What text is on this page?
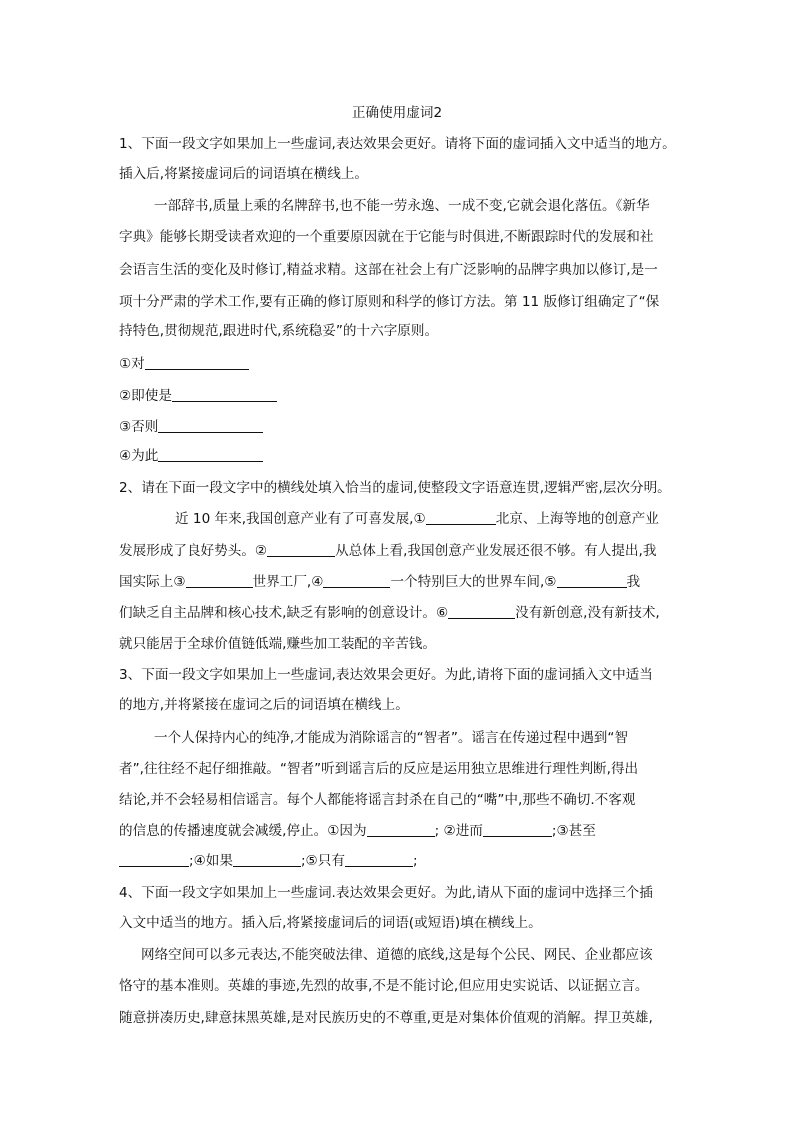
正确使用虚词2
1、下面一段文字如果加上一些虚词,表达效果会更好。请将下面的虚词插入文中适当的地方。
插入后,将紧接虚词后的词语填在横线上。
一部辞书,质量上乘的名牌辞书,也不能一劳永逸、一成不变,它就会退化落伍。《新华
字典》能够长期受读者欢迎的一个重要原因就在于它能与时俱进,不断跟踪时代的发展和社
会语言生活的变化及时修订,精益求精。这部在社会上有广泛影响的品牌字典加以修订,是一
项十分严肃的学术工作,要有正确的修订原则和科学的修订方法。第 11 版修订组确定了“保
持特色,贯彻规范,跟进时代,系统稳妥”的十六字原则。
①对
②即使是
③否则
④为此
2、请在下面一段文字中的横线处填入恰当的虚词,使整段文字语意连贯,逻辑严密,层次分明。
近 10 年来,我国创意产业有了可喜发展,①	北京、上海等地的创意产业
发展形成了良好势头。②	从总体上看,我国创意产业发展还很不够。有人提出,我
国实际上③	世界工厂,④	一个特别巨大的世界车间,⑤	我
们缺乏自主品牌和核心技术,缺乏有影响的创意设计。⑥	没有新创意,没有新技术,
就只能居于全球价值链低端,赚些加工装配的辛苦钱。
3、下面一段文字如果加上一些虚词,表达效果会更好。为此,请将下面的虚词插入文中适当
的地方,并将紧接在虚词之后的词语填在横线上。
一个人保持内心的纯净,才能成为消除谣言的“智者”。谣言在传递过程中遇到“智
者”,往往经不起仔细推敲。“智者”听到谣言后的反应是运用独立思维进行理性判断,得出
结论,并不会轻易相信谣言。每个人都能将谣言封杀在自己的“嘴”中,那些不确切.不客观
的信息的传播速度就会减缓,停止。①因为	; ②进而	;③甚至
;④如果	;⑤只有	;
4、下面一段文字如果加上一些虚词.表达效果会更好。为此,请从下面的虚词中选择三个插
入文中适当的地方。插入后,将紧接虚词后的词语(或短语)填在横线上。
网络空间可以多元表达,不能突破法律、道德的底线,这是每个公民、网民、企业都应该
恪守的基本准则。英雄的事迹,先烈的故事,不是不能讨论,但应用史实说话、以证据立言。
随意拼凑历史,肆意抹黑英雄,是对民族历史的不尊重,更是对集体价值观的消解。捍卫英雄,
